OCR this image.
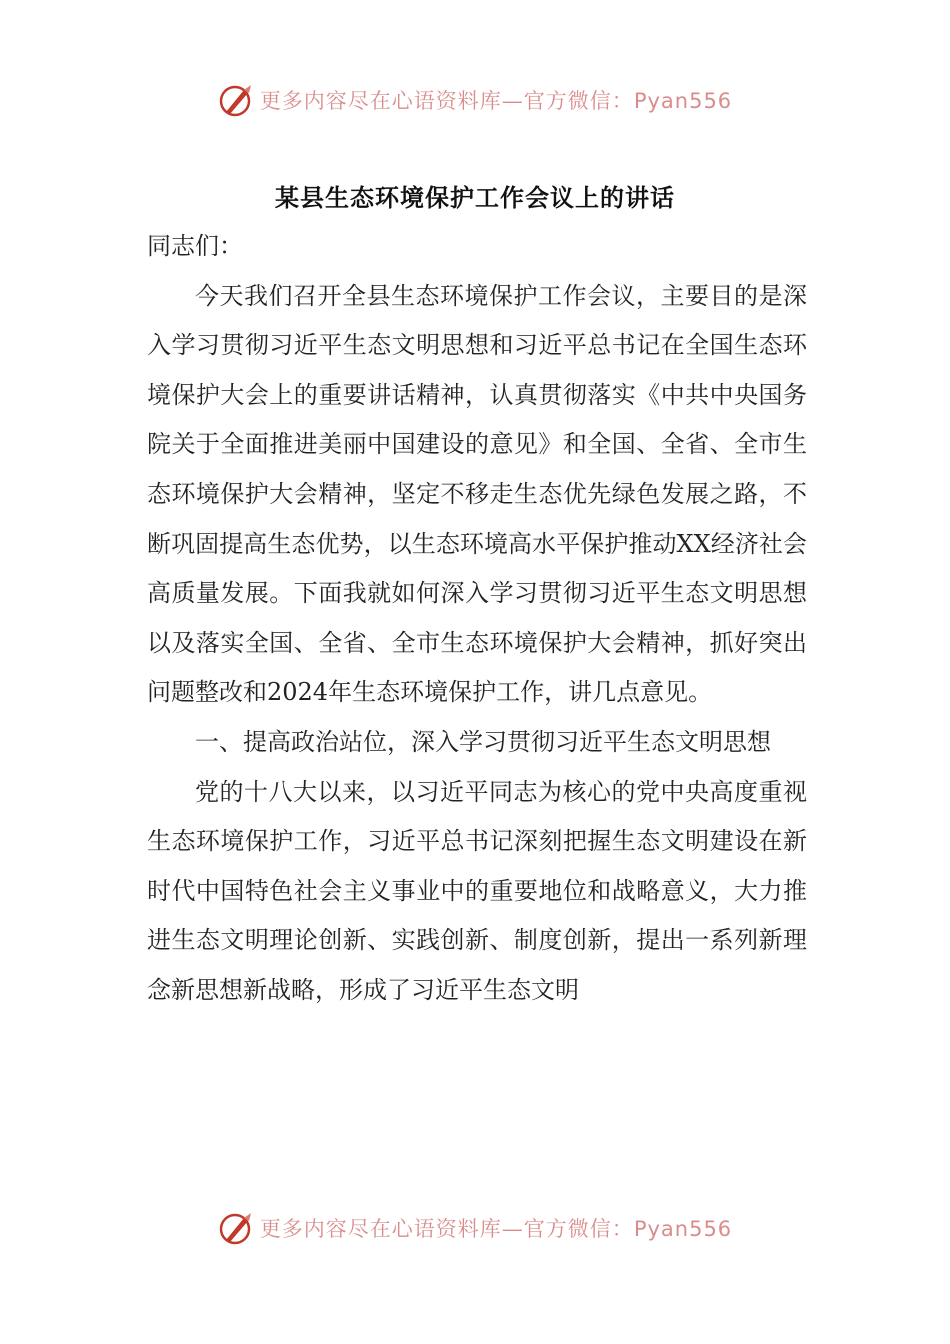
更多内容尽在心语资料库—官方微信：Pyan556
某县生态环境保护工作会议上的讲话

同志们：

今天我们召开全县生态环境保护工作会议，主要目的是深入学习贯彻习近平生态文明思想和习近平总书记在全国生态环境保护大会上的重要讲话精神，认真贯彻落实《中共中央国务院关于全面推进美丽中国建设的意见》和全国、全省、全市生态环境保护大会精神，坚定不移走生态优先绿色发展之路，不断巩固提高生态优势，以生态环境高水平保护推动XX经济社会高质量发展。下面我就如何深入学习贯彻习近平生态文明思想以及落实全国、全省、全市生态环境保护大会精神，抓好突出问题整改和2024年生态环境保护工作，讲几点意见。

一、提高政治站位，深入学习贯彻习近平生态文明思想

党的十八大以来，以习近平同志为核心的党中央高度重视生态环境保护工作，习近平总书记深刻把握生态文明建设在新时代中国特色社会主义事业中的重要地位和战略意义，大力推进生态文明理论创新、实践创新、制度创新，提出一系列新理念新思想新战略，形成了习近平生态文明

更多内容尽在心语资料库—官方微信：Pyan556
